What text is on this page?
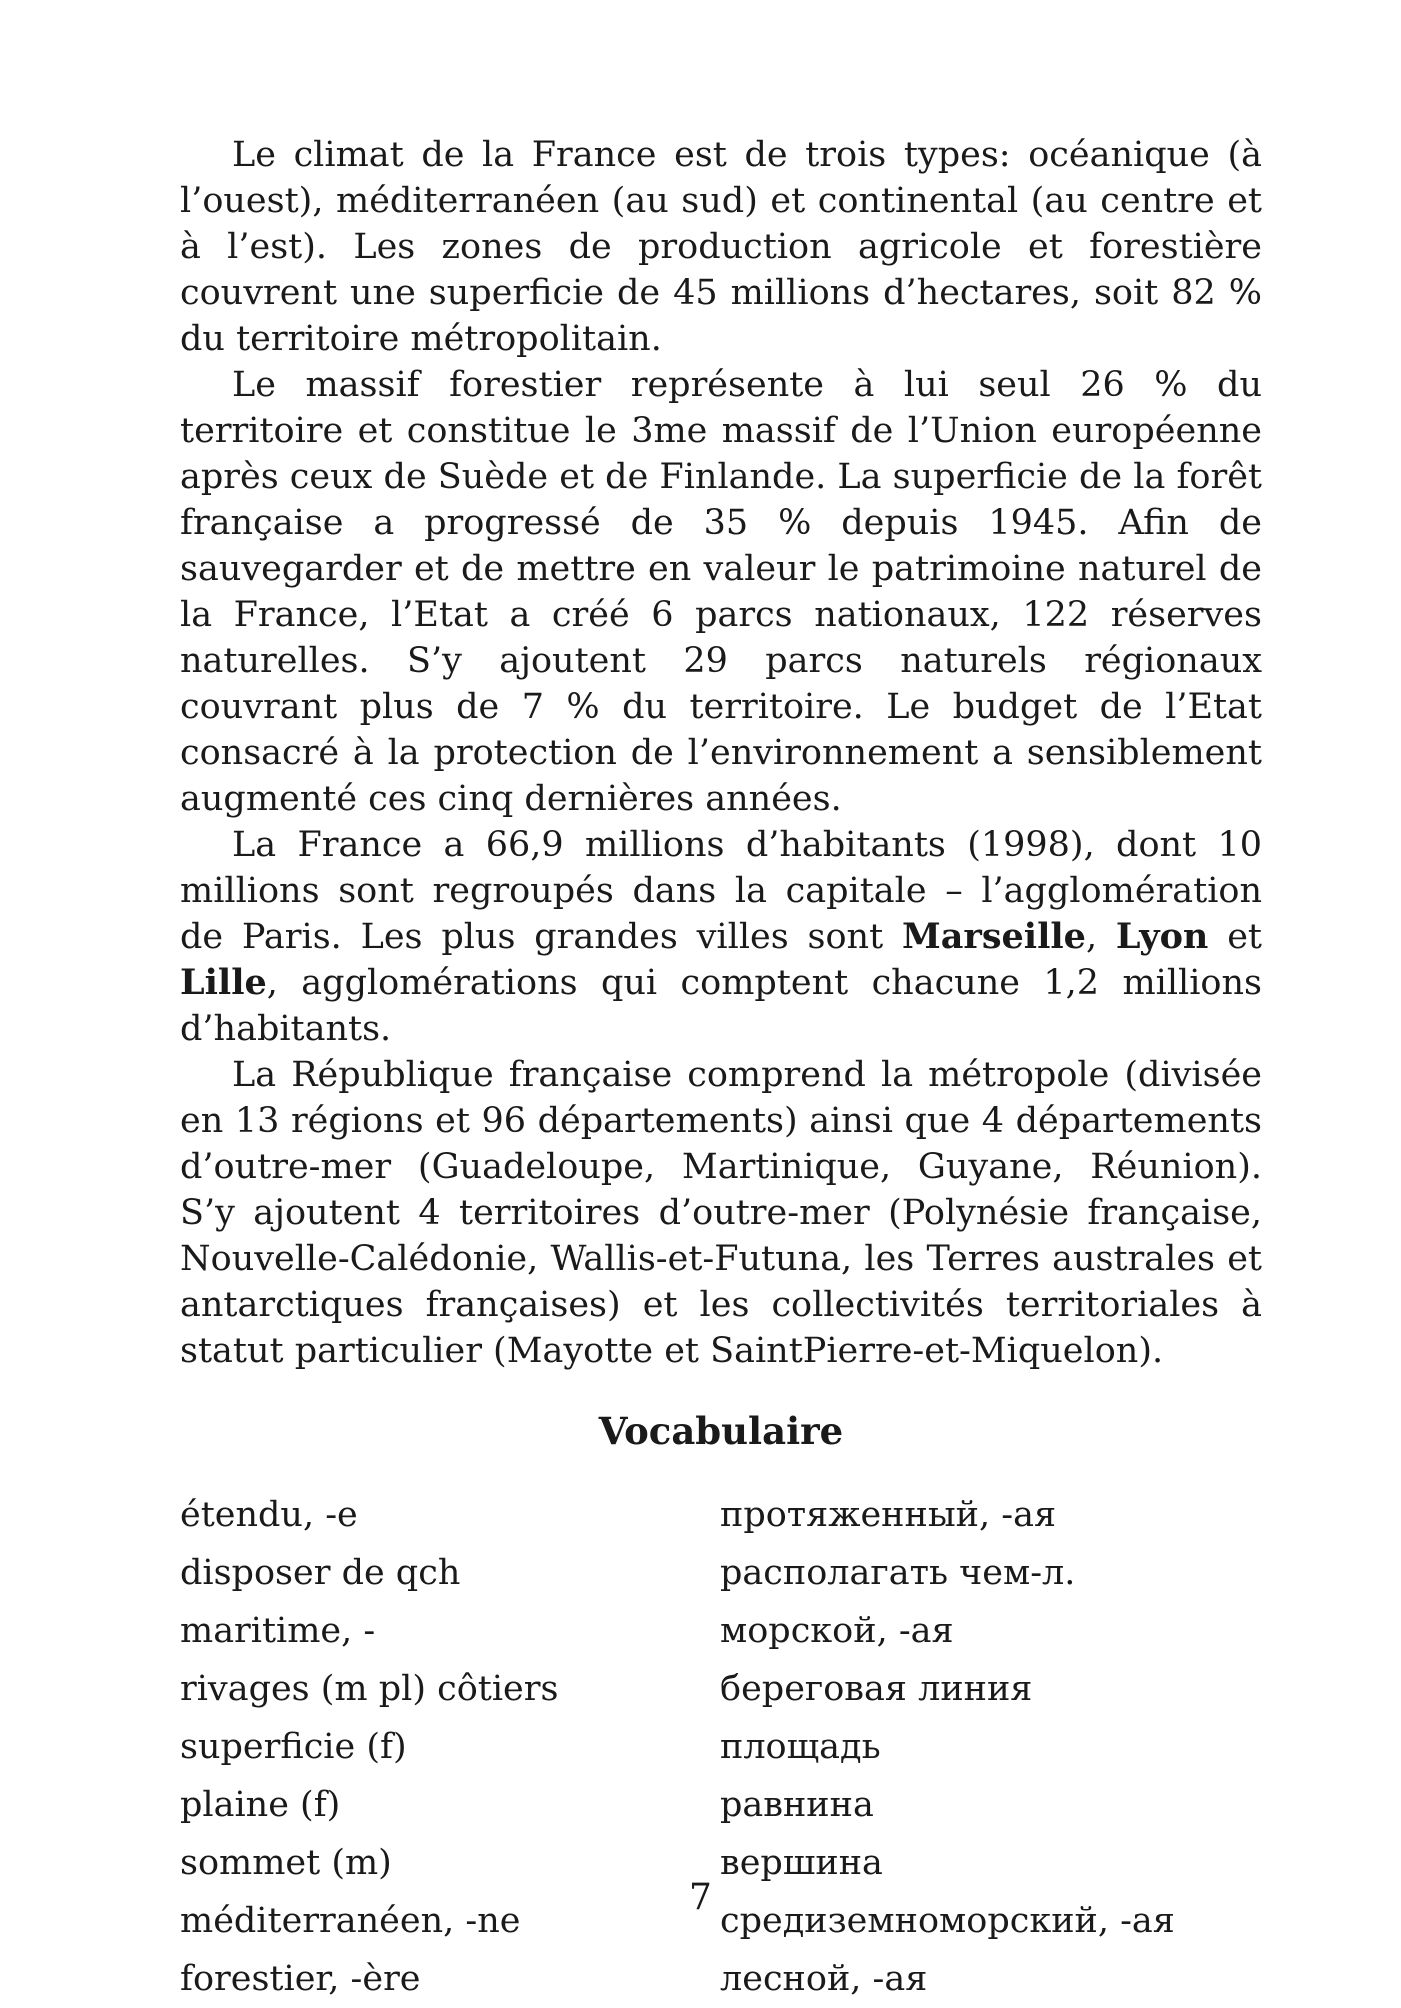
Le climat de la France est de trois types: océanique (à l’ouest), méditerranéen (au sud) et continental (au centre et à l’est). Les zones de production agricole et forestière couvrent une superficie de 45 millions d’hectares, soit 82 % du territoire métropolitain.

Le massif forestier représente à lui seul 26 % du territoire et constitue le 3me massif de l’Union européenne après ceux de Suède et de Finlande. La superficie de la forêt française a progressé de 35 % depuis 1945. Afin de sauvegarder et de mettre en valeur le patrimoine naturel de la France, l’Etat a créé 6 parcs nationaux, 122 réserves naturelles. S’y ajoutent 29 parcs naturels régionaux couvrant plus de 7 % du territoire. Le budget de l’Etat consacré à la protection de l’environnement a sensiblement augmenté ces cinq dernières années.

La France a 66,9 millions d’habitants (1998), dont 10 millions sont regroupés dans la capitale – l’agglomération de Paris. Les plus grandes villes sont Marseille, Lyon et Lille, agglomérations qui comptent chacune 1,2 millions d’habitants.

La République française comprend la métropole (divisée en 13 régions et 96 départements) ainsi que 4 départements d’outre-mer (Guadeloupe, Martinique, Guyane, Réunion). S’y ajoutent 4 territoires d’outre-mer (Polynésie française, Nouvelle-Calédonie, Wallis-et-Futuna, les Terres australes et antarctiques françaises) et les collectivités territoriales à statut particulier (Mayotte et SaintPierre-et-Miquelon).

Vocabulaire
étendu, -e	протяженный, -ая
disposer de qch	располагать чем-л.
maritime, -	морской, -ая
rivages (m pl) côtiers	береговая линия
superficie (f)	площадь
plaine (f)	равнина
sommet (m)	вершина
méditerranéen, -ne	средиземноморский, -ая
forestier, -ère	лесной, -ая
7
